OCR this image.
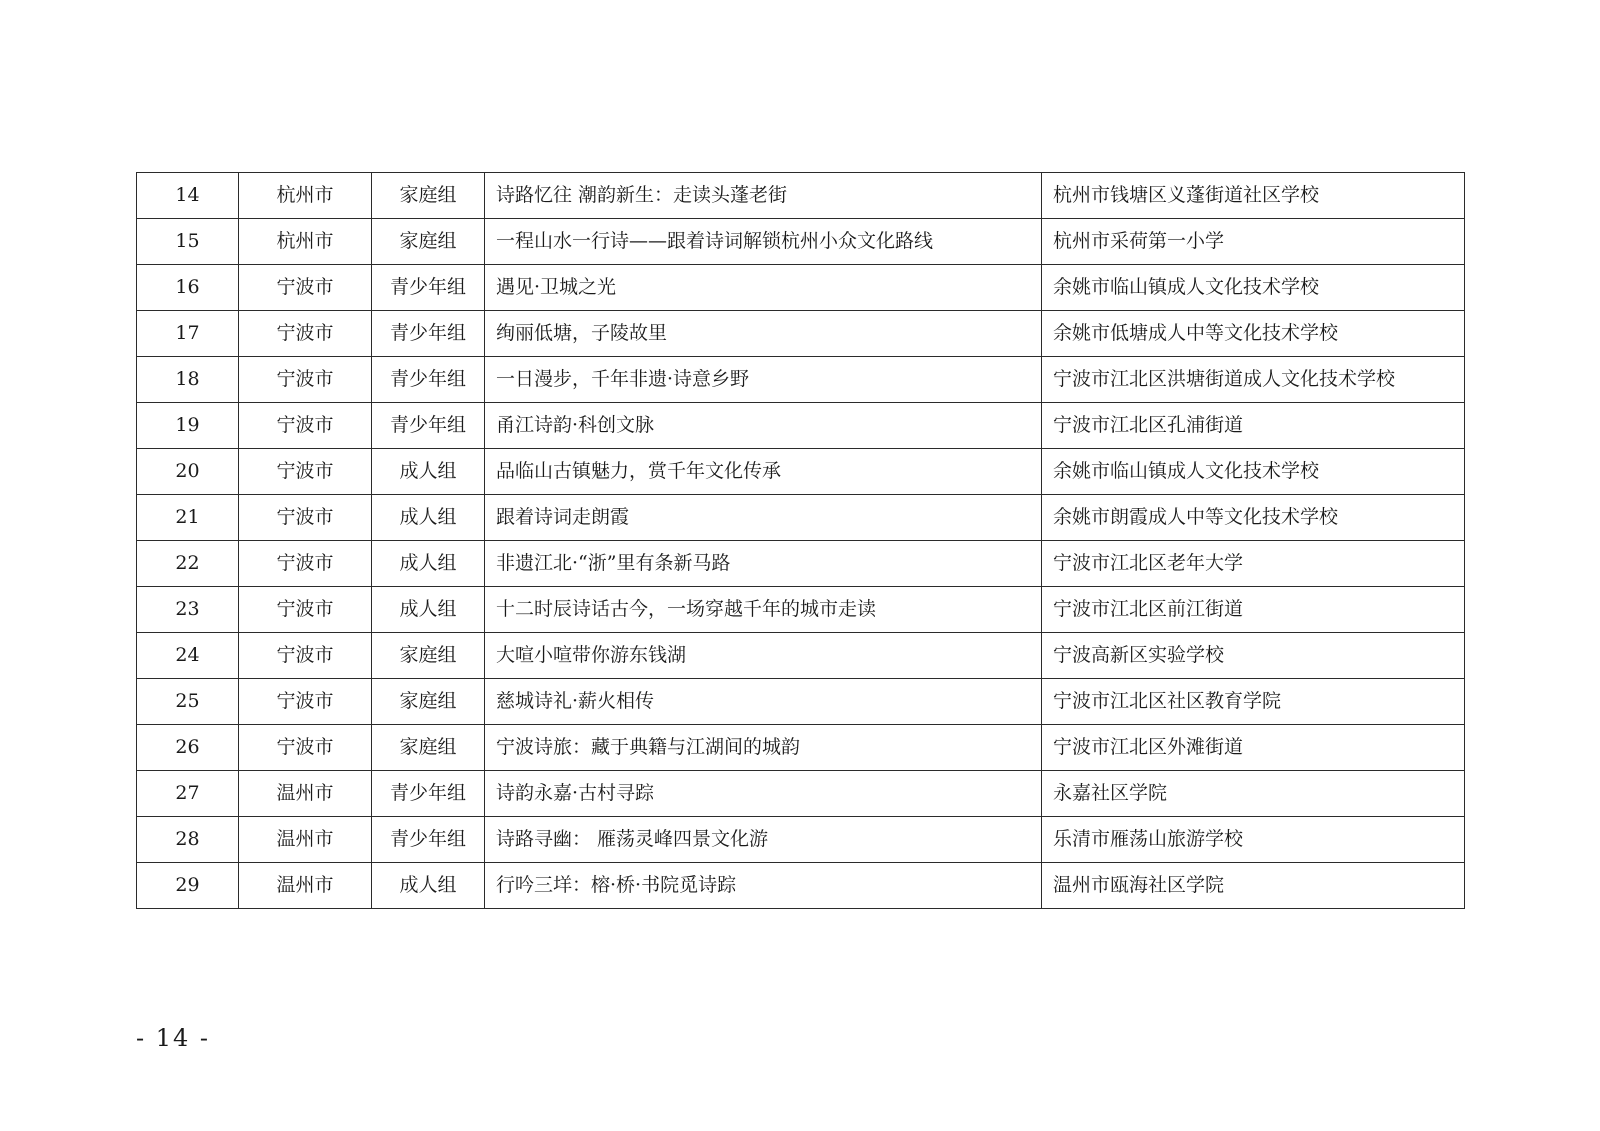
14	杭州市	家庭组	诗路忆往 潮韵新生：走读头蓬老街	杭州市钱塘区义蓬街道社区学校
15	杭州市	家庭组	一程山水一行诗——跟着诗词解锁杭州小众文化路线	杭州市采荷第一小学
16	宁波市	青少年组	遇见·卫城之光	余姚市临山镇成人文化技术学校
17	宁波市	青少年组	绚丽低塘，子陵故里	余姚市低塘成人中等文化技术学校
18	宁波市	青少年组	一日漫步，千年非遗·诗意乡野	宁波市江北区洪塘街道成人文化技术学校
19	宁波市	青少年组	甬江诗韵·科创文脉	宁波市江北区孔浦街道
20	宁波市	成人组	品临山古镇魅力，赏千年文化传承	余姚市临山镇成人文化技术学校
21	宁波市	成人组	跟着诗词走朗霞	余姚市朗霞成人中等文化技术学校
22	宁波市	成人组	非遗江北·“浙”里有条新马路	宁波市江北区老年大学
23	宁波市	成人组	十二时辰诗话古今，一场穿越千年的城市走读	宁波市江北区前江街道
24	宁波市	家庭组	大喧小喧带你游东钱湖	宁波高新区实验学校
25	宁波市	家庭组	慈城诗礼·薪火相传	宁波市江北区社区教育学院
26	宁波市	家庭组	宁波诗旅：藏于典籍与江湖间的城韵	宁波市江北区外滩街道
27	温州市	青少年组	诗韵永嘉·古村寻踪	永嘉社区学院
28	温州市	青少年组	诗路寻幽： 雁荡灵峰四景文化游	乐清市雁荡山旅游学校
29	温州市	成人组	行吟三垟：榕·桥·书院觅诗踪	温州市瓯海社区学院
- 14 -
